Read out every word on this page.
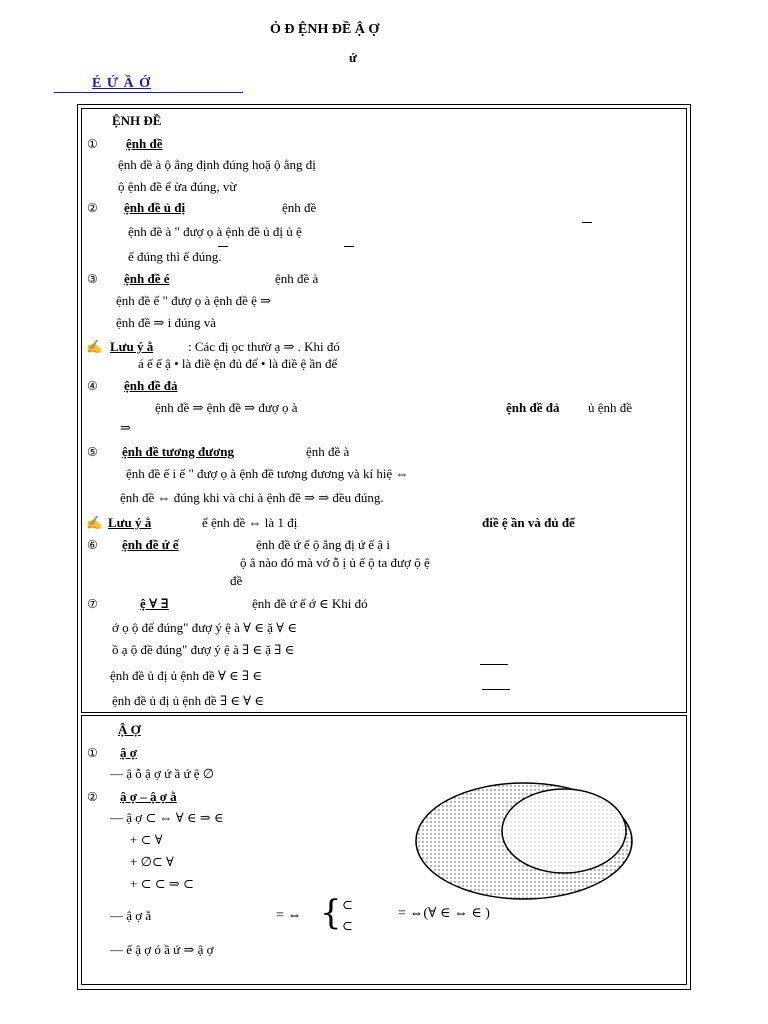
Ỏ Đ ỆNH ĐỀ Ậ Ợ
ứ
É Ứ Ầ Ớ
ỆNH ĐỀ
①	ệnh đề
ệnh đề à ộ ẳng định đúng hoặ ộ ẳng đị
ộ ệnh đề ể ừa đúng, vừ
②	ệnh đề ủ đị	ệnh đề
ệnh đề à " đượ ọ à ệnh đề ủ đị ủ ệ
ế đúng thì ế đúng.
③	ệnh đề é	ệnh đề à
ệnh đề ế " đượ ọ à ệnh đề ệ ⇒
ệnh đề ⇒ i đúng và
✍ Lưu ý ằ	: Các đị ọc thườ ạ ⇒ . Khi đó
á ế ế ậ • là điề ện đủ để • là điề ệ ần để
④	ệnh đề đả
ệnh đề ⇒ ệnh đề ⇒ đượ ọ à	ệnh đề đả ủ ệnh đề
⇒
⑤	ệnh đề tương đương	ệnh đề à
ệnh đề ế i ế " đượ ọ à ệnh đề tương đương và kí hiệ ⇔
ệnh đề ⇔ đúng khi và chi à ệnh đề ⇒ ⇒ đều đúng.
✍ Lưu ý ằ	ế ệnh đề ⇔ là 1 đị	điề ệ ần và đủ để
⑥	ệnh đề ứ ế	ệnh đề ứ ế ộ ẳng đị ứ ế ậ i
ộ â nào đó mà vớ ỗ ị ủ ế ộ ta đượ ộ ệ
đề
⑦	ệ ∀ ∃	ệnh đề ứ ế ớ ∈ Khi đó
ớ ọ ộ để đúng" đượ ý ệ à ∀ ∈ ặ ∀ ∈
ồ ạ ộ đề đúng" đượ ý ệ à ∃ ∈ ặ ∃ ∈
ệnh đề ủ đị ủ ệnh đề ∀ ∈ ∃ ∈
ệnh đề ủ đị ủ ệnh đề ∃ ∈ ∀ ∈
Ậ Ợ
①	ậ ợ
— ậ ỗ ậ ợ ứ ầ ứ ệ ∅
②	ậ ợ – ậ ợ ằ
— ậ ợ ⊂ ⇔ ∀ ∈ ⇒ ∈
+ ⊂ ∀
+ ∅⊂ ∀
+ ⊂ ⊂ ⇒ ⊂
— ậ ợ ằ	= ⇔ { ⊂
⊂
= ⇔(∀ ∈ ⇔ ∈ )
— ế ậ ợ ó ầ ứ ⇒ ậ ợ
